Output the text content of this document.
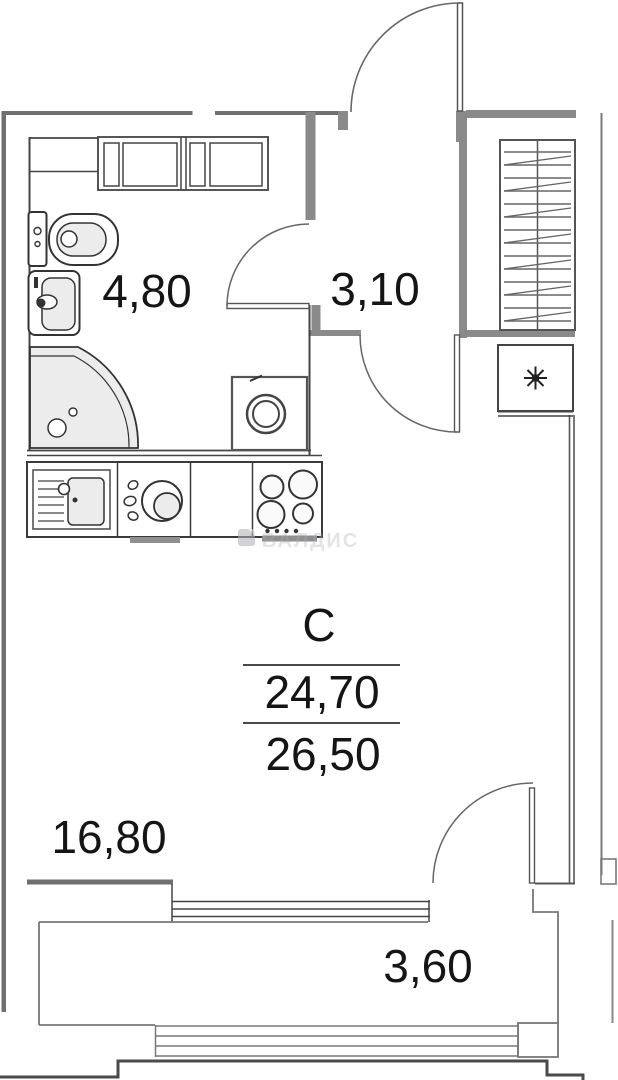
4,80	3,10
C
24,70
26,50
16,80
3,60
ВАЛДИС
